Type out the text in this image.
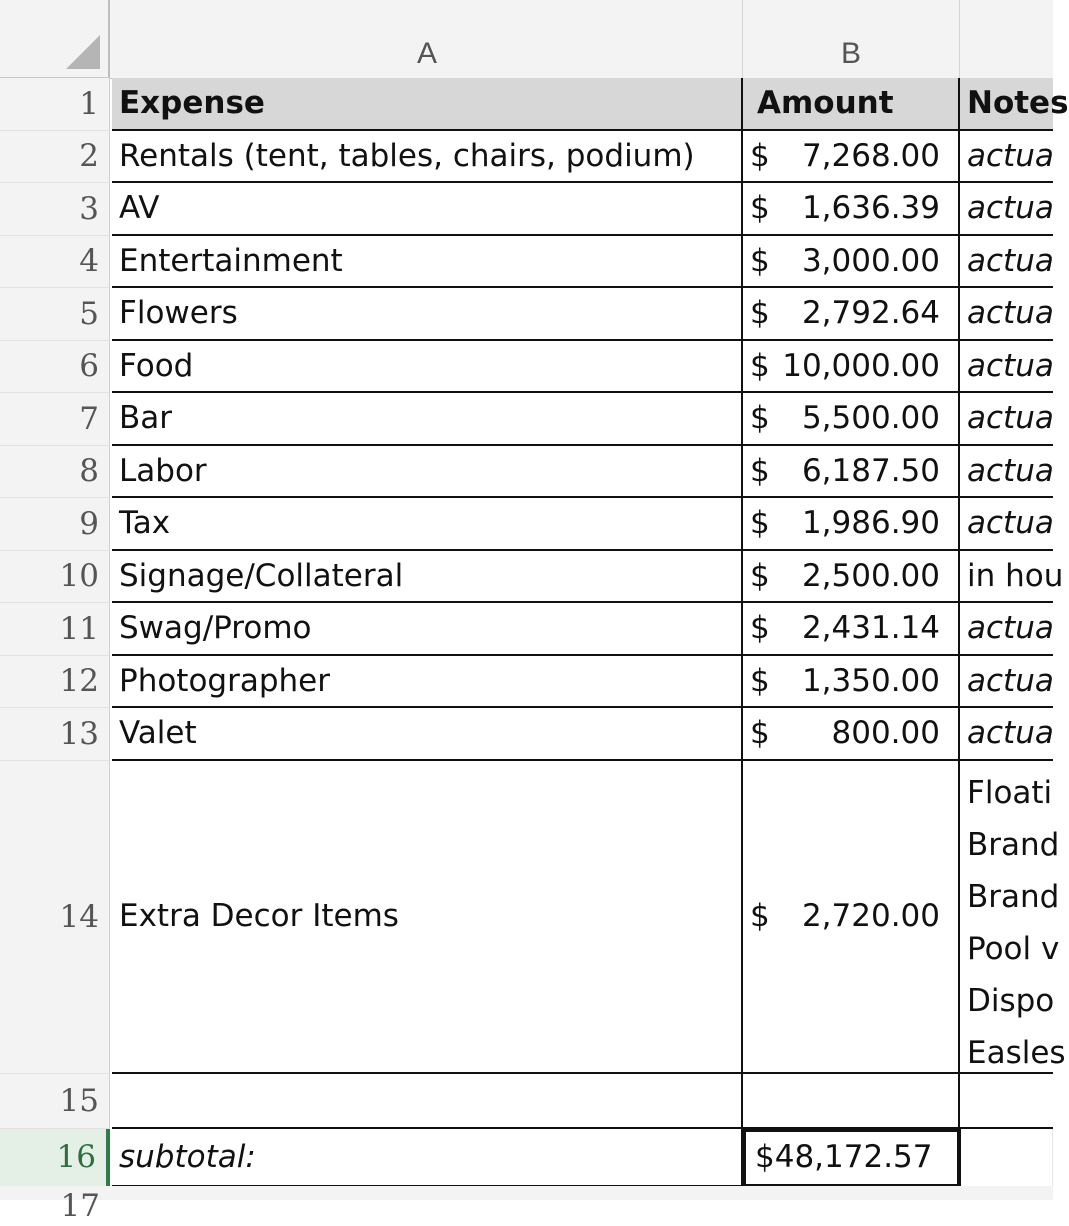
A	B
1 Expense	Amount	Notes
2 Rentals (tent, tables, chairs, podium)	$ 7,268.00 actua
3 AV	$ 1,636.39 actua
4 Entertainment	$ 3,000.00 actua
5 Flowers	$ 2,792.64 actua
6 Food	$ 10,000.00 actua
7 Bar	$ 5,500.00 actua
8 Labor	$ 6,187.50 actua
9 Tax	$ 1,986.90 actua
10 Signage/Collateral	$ 2,500.00 in hou
11 Swag/Promo	$ 2,431.14 actua
12 Photographer	$ 1,350.00 actua
13 Valet	$ 800.00 actua
14 Extra Decor Items	$ 2,720.00
Floati
Brand
Brand
Pool v
Dispo
Easles
15
16 subtotal:	$48,172.57
17
